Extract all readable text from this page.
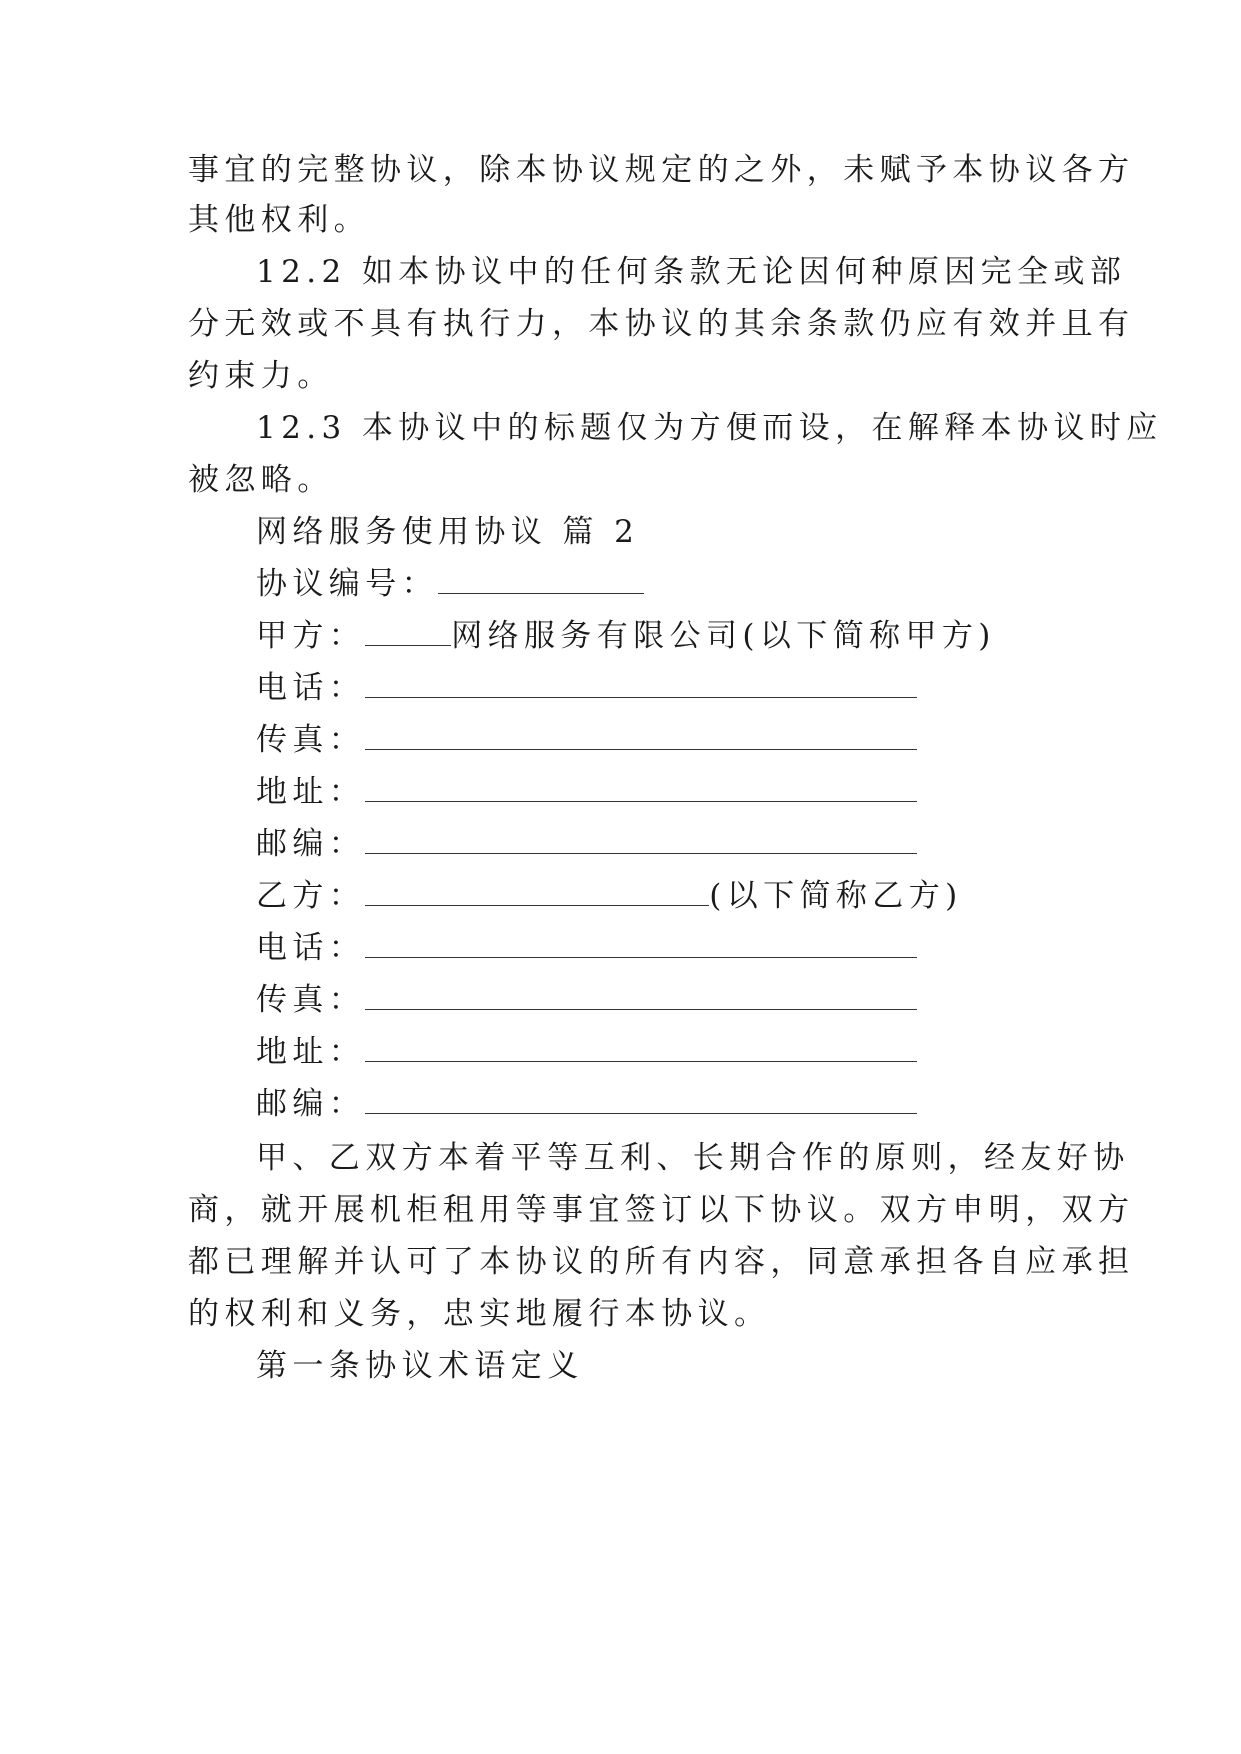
事宜的完整协议，除本协议规定的之外，未赋予本协议各方
其他权利。
12.2 如本协议中的任何条款无论因何种原因完全或部
分无效或不具有执行力，本协议的其余条款仍应有效并且有
约束力。
12.3 本协议中的标题仅为方便而设，在解释本协议时应
被忽略。
网络服务使用协议 篇 2
协议编号：
甲方：	网络服务有限公司(以下简称甲方)
电话：
传真：
地址：
邮编：
乙方：	(以下简称乙方)
电话：
传真：
地址：
邮编：
甲、乙双方本着平等互利、长期合作的原则，经友好协
商，就开展机柜租用等事宜签订以下协议。双方申明，双方
都已理解并认可了本协议的所有内容，同意承担各自应承担
的权利和义务，忠实地履行本协议。
第一条协议术语定义
